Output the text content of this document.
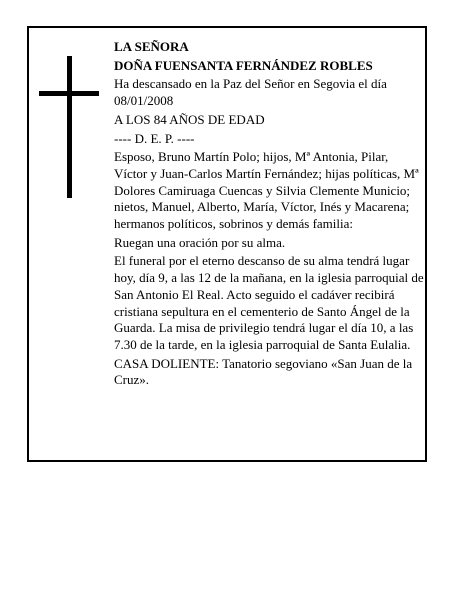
LA SEÑORA
DOÑA FUENSANTA FERNÁNDEZ ROBLES
Ha descansado en la Paz del Señor en Segovia el día 08/01/2008
A LOS 84 AÑOS DE EDAD
---- D. E. P. ----
Esposo, Bruno Martín Polo; hijos, Mª Antonia, Pilar, Víctor y Juan-Carlos Martín Fernández; hijas políticas, Mª Dolores Camiruaga Cuencas y Silvia Clemente Municio; nietos, Manuel, Alberto, María, Víctor, Inés y Macarena; hermanos políticos, sobrinos y demás familia:
Ruegan una oración por su alma.
El funeral por el eterno descanso de su alma tendrá lugar hoy, día 9, a las 12 de la mañana, en la iglesia parroquial de San Antonio El Real. Acto seguido el cadáver recibirá cristiana sepultura en el cementerio de Santo Ángel de la Guarda. La misa de privilegio tendrá lugar el día 10, a las 7.30 de la tarde, en la iglesia parroquial de Santa Eulalia.
CASA DOLIENTE: Tanatorio segoviano «San Juan de la Cruz».
